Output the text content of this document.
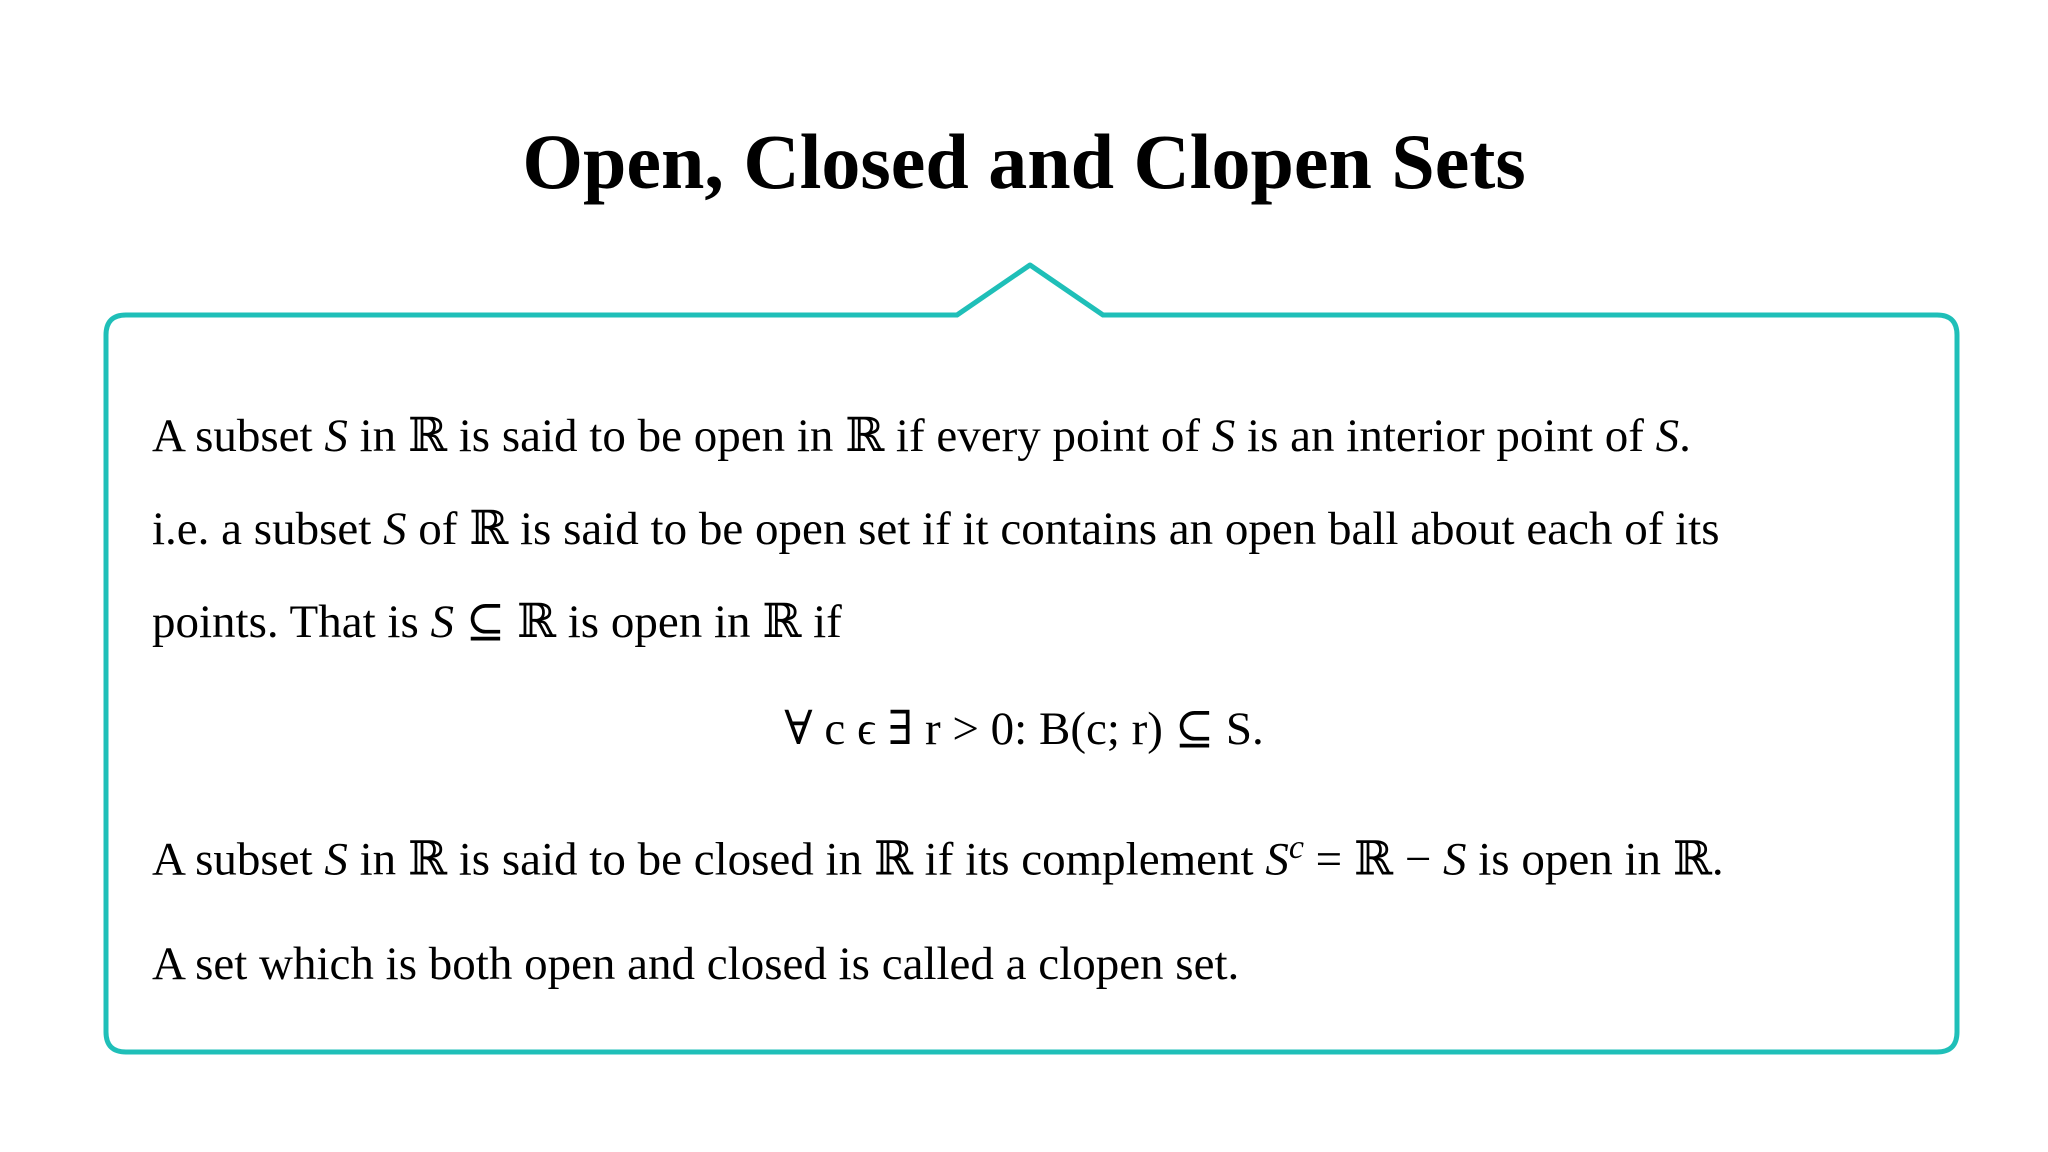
Open, Closed and Clopen Sets
A subset S in ℝ is said to be open in ℝ if every point of S is an interior point of S.
i.e. a subset S of ℝ is said to be open set if it contains an open ball about each of its
points. That is S ⊆ ℝ is open in ℝ if
∀ c ϵ ∃ r > 0: B(c; r) ⊆ S.
A subset S in ℝ is said to be closed in ℝ if its complement $S^c$ = ℝ − S is open in ℝ.
A set which is both open and closed is called a clopen set.
